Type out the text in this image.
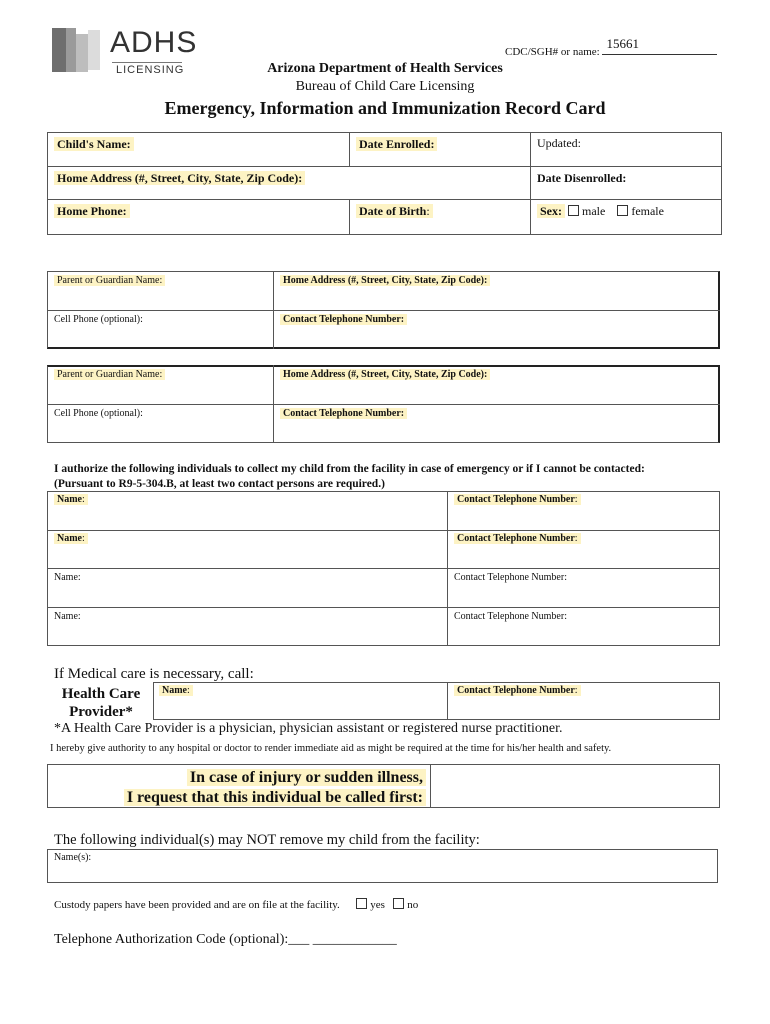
ADHS
LICENSING
CDC/SGH# or name:
15661
Arizona Department of Health Services
Bureau of Child Care Licensing
Emergency, Information and Immunization Record Card
Child's Name:	Date Enrolled:	Updated:
Home Address (#, Street, City, State, Zip Code):	Date Disenrolled:
Home Phone:	Date of Birth:	Sex: male female
Parent or Guardian Name:	Home Address (#, Street, City, State, Zip Code):
Cell Phone (optional):	Contact Telephone Number:
Parent or Guardian Name:	Home Address (#, Street, City, State, Zip Code):
Cell Phone (optional):	Contact Telephone Number:
I authorize the following individuals to collect my child from the facility in case of emergency or if I cannot be contacted:
(Pursuant to R9-5-304.B, at least two contact persons are required.)
Name:	Contact Telephone Number:
Name:	Contact Telephone Number:
Name:	Contact Telephone Number:
Name:	Contact Telephone Number:
If Medical care is necessary, call:
Health Care
Provider*
Name:	Contact Telephone Number:
*A Health Care Provider is a physician, physician assistant or registered nurse practitioner.
I hereby give authority to any hospital or doctor to render immediate aid as might be required at the time for his/her health and safety.
In case of injury or sudden illness,
I request that this individual be called first:
The following individual(s) may NOT remove my child from the facility:
Name(s):
Custody papers have been provided and are on file at the facility.	yes no
Telephone Authorization Code (optional):___ ____________
